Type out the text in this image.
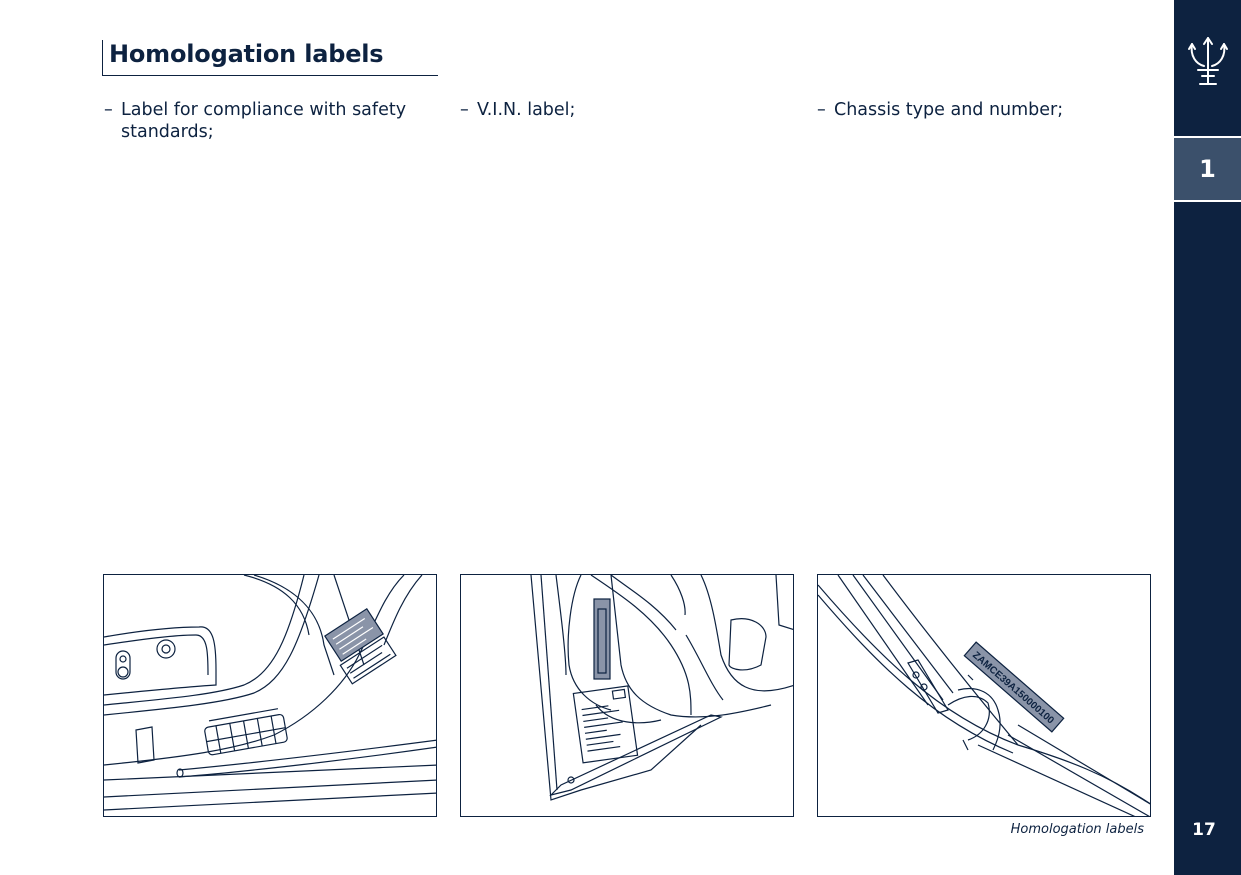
Homologation labels
– Label for compliance with safety standards;
– V.I.N. label;	– Chassis type and number;
ZAMCE39A150000100
Homologation labels
1
17
